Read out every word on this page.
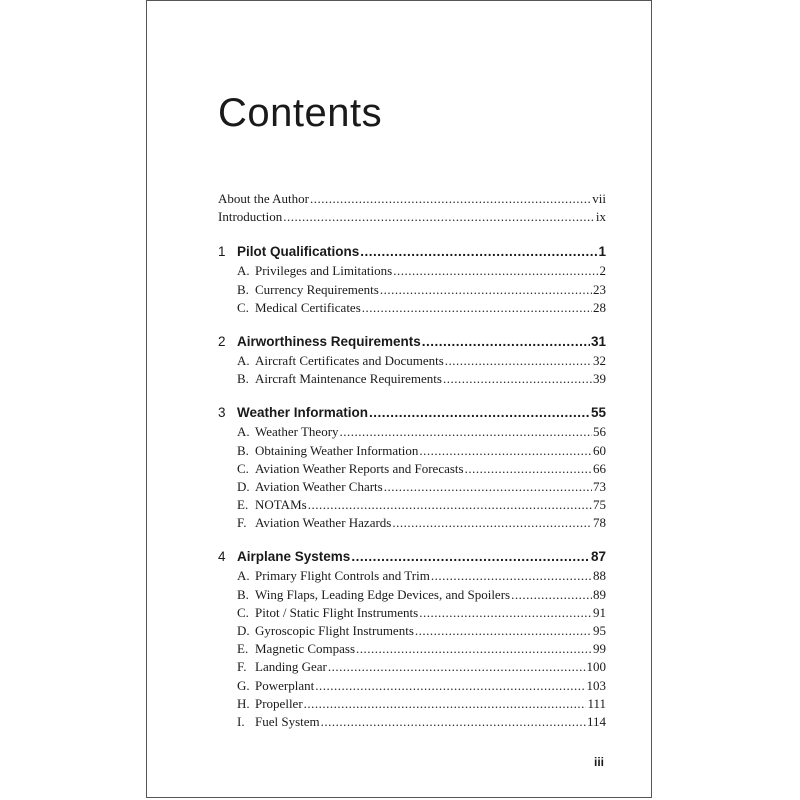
Contents
About the Author .....	vii
Introduction .....	ix
1 Pilot Qualifications .....	1
A. Privileges and Limitations .....	2
B. Currency Requirements .....	23
C. Medical Certificates .....	28
2 Airworthiness Requirements .....	31
A. Aircraft Certificates and Documents .....	32
B. Aircraft Maintenance Requirements .....	39
3 Weather Information .....	55
A. Weather Theory .....	56
B. Obtaining Weather Information .....	60
C. Aviation Weather Reports and Forecasts .....	66
D. Aviation Weather Charts .....	73
E. NOTAMs .....	75
F. Aviation Weather Hazards .....	78
4 Airplane Systems .....	87
A. Primary Flight Controls and Trim .....	88
B. Wing Flaps, Leading Edge Devices, and Spoilers .....	89
C. Pitot / Static Flight Instruments .....	91
D. Gyroscopic Flight Instruments .....	95
E. Magnetic Compass .....	99
F. Landing Gear .....	100
G. Powerplant .....	103
H. Propeller .....	111
I. Fuel System .....	114
iii
